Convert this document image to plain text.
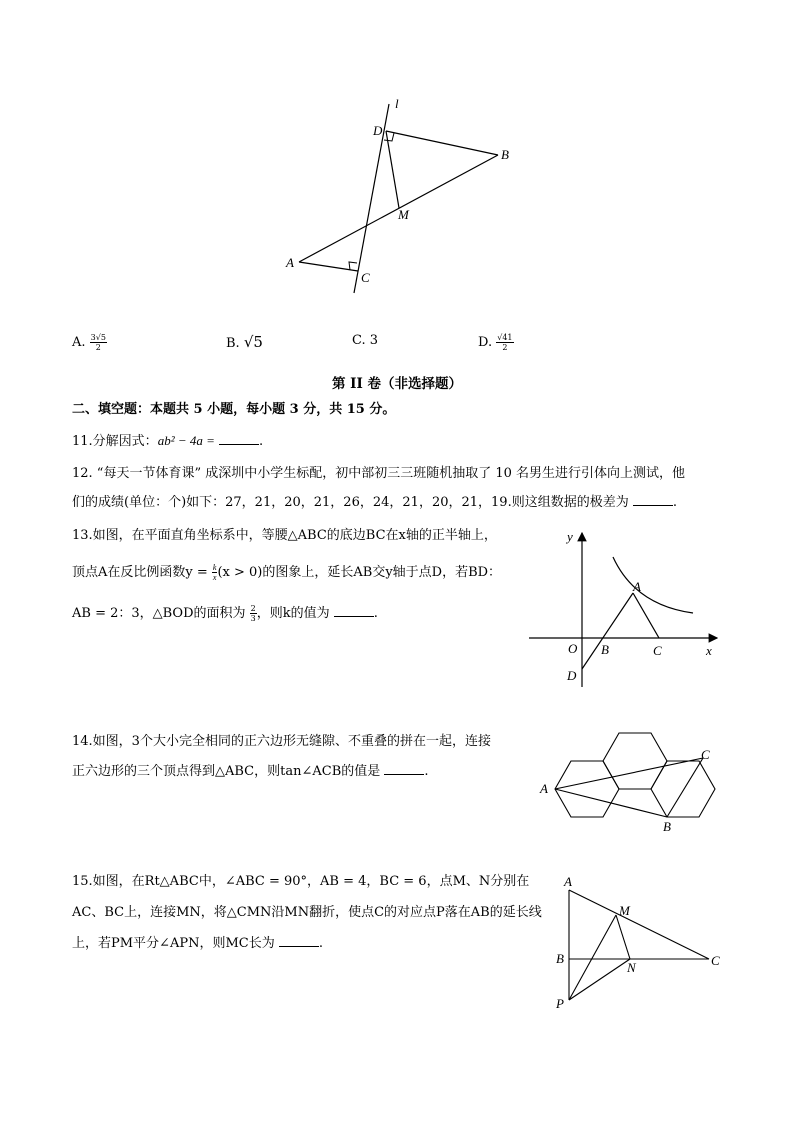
l
D
B
M
A
C
A. $\frac{3√5}{2}$	B. √5	C. 3	D. $\frac{√41}{2}$
第 II 卷（非选择题）
二、填空题：本题共 5 小题，每小题 3 分，共 15 分。
11.分解因式：ab² − 4a =	.
12. “每天一节体育课” 成深圳中小学生标配，初中部初三三班随机抽取了 10 名男生进行引体向上测试，他
们的成绩(单位：个)如下：27，21，20，21，26，24，21，20，21，19.则这组数据的极差为	.
13.如图，在平面直角坐标系中，等腰△ABC的底边BC在x轴的正半轴上，
顶点A在反比例函数$y = \frac{k}{x} (x > 0)$的图象上，延长AB交y轴于点D，若BD：
AB = 2：3，△BOD的面积为 $\frac{2}{3}$ ，则k的值为	.
y
x
O
A
B	C
D
14.如图，3个大小完全相同的正六边形无缝隙、不重叠的拼在一起，连接
正六边形的三个顶点得到△ABC，则tan∠ACB的值是	.
A
C
B
15.如图，在Rt△ABC中，∠ABC = 90°，AB = 4，BC = 6，点M、N分别在
AC、BC上，连接MN，将△CMN沿MN翻折，使点C的对应点P落在AB的延长线
上，若PM平分∠APN，则MC长为	.
A
M
B
N	C
P
